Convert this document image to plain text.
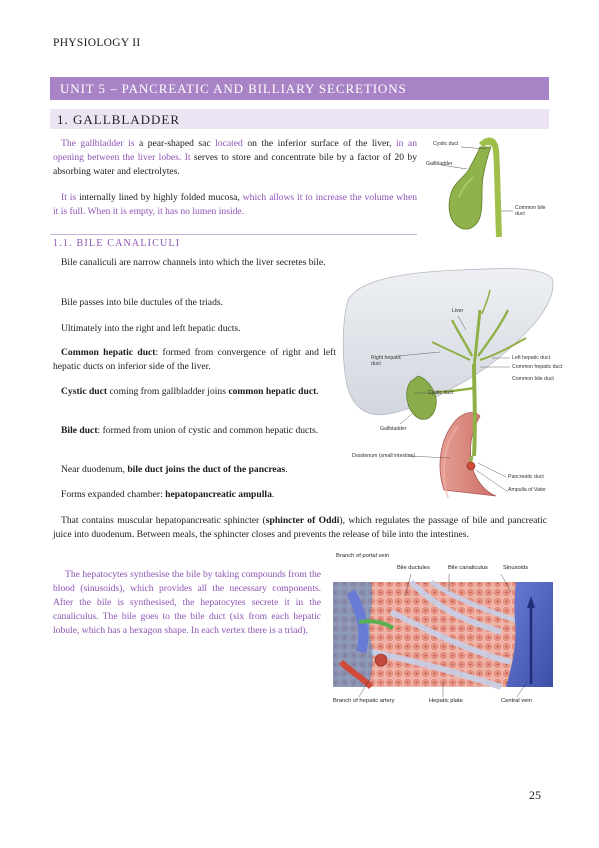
PHYSIOLOGY II
UNIT 5 – PANCREATIC AND BILLIARY SECRETIONS
1. GALLBLADDER
The gallbladder is a pear-shaped sac located on the inferior surface of the liver, in an opening between the liver lobes. It serves to store and concentrate bile by a factor of 20 by absorbing water and electrolytes.
It is internally lined by highly folded mucosa, which allows it to increase the volume when it is full. When it is empty, it has no lumen inside.
Cystic duct
Gallbladder
Common bile duct
1.1. BILE CANALICULI
Bile canaliculi are narrow channels into which the liver secretes bile.
Bile passes into bile ductules of the triads.
Ultimately into the right and left hepatic ducts.
Common hepatic duct: formed from convergence of right and left hepatic ducts on inferior side of the liver.
Cystic duct coming from gallbladder joins common hepatic duct.
Bile duct: formed from union of cystic and common hepatic ducts.
Near duodenum, bile duct joins the duct of the pancreas.
Forms expanded chamber: hepatopancreatic ampulla.
That contains muscular hepatopancreatic sphincter (sphincter of Oddi), which regulates the passage of bile and pancreatic juice into duodenum. Between meals, the sphincter closes and prevents the release of bile into the intestines.
The hepatocytes synthesise the bile by taking compounds from the blood (sinusoids), which provides all the necessary components. After the bile is synthesised, the hepatocytes secrete it in the canaliculus. The bile goes to the bile duct (six from each hepatic lobule, which has a hexagon shape. In each vertex there is a triad).
Liver
Right hepatic duct
Left hepatic duct
Common hepatic duct
Cystic duct
Gallbladder
Pancreatic duct
Ampulla of Vater
Common bile duct
Duodenum (small intestine)
Branch of portal vein
Bile ductules	Bile canaliculus	Sinusoids
Branch of hepatic artery	Hepatic plate	Central vein
25
